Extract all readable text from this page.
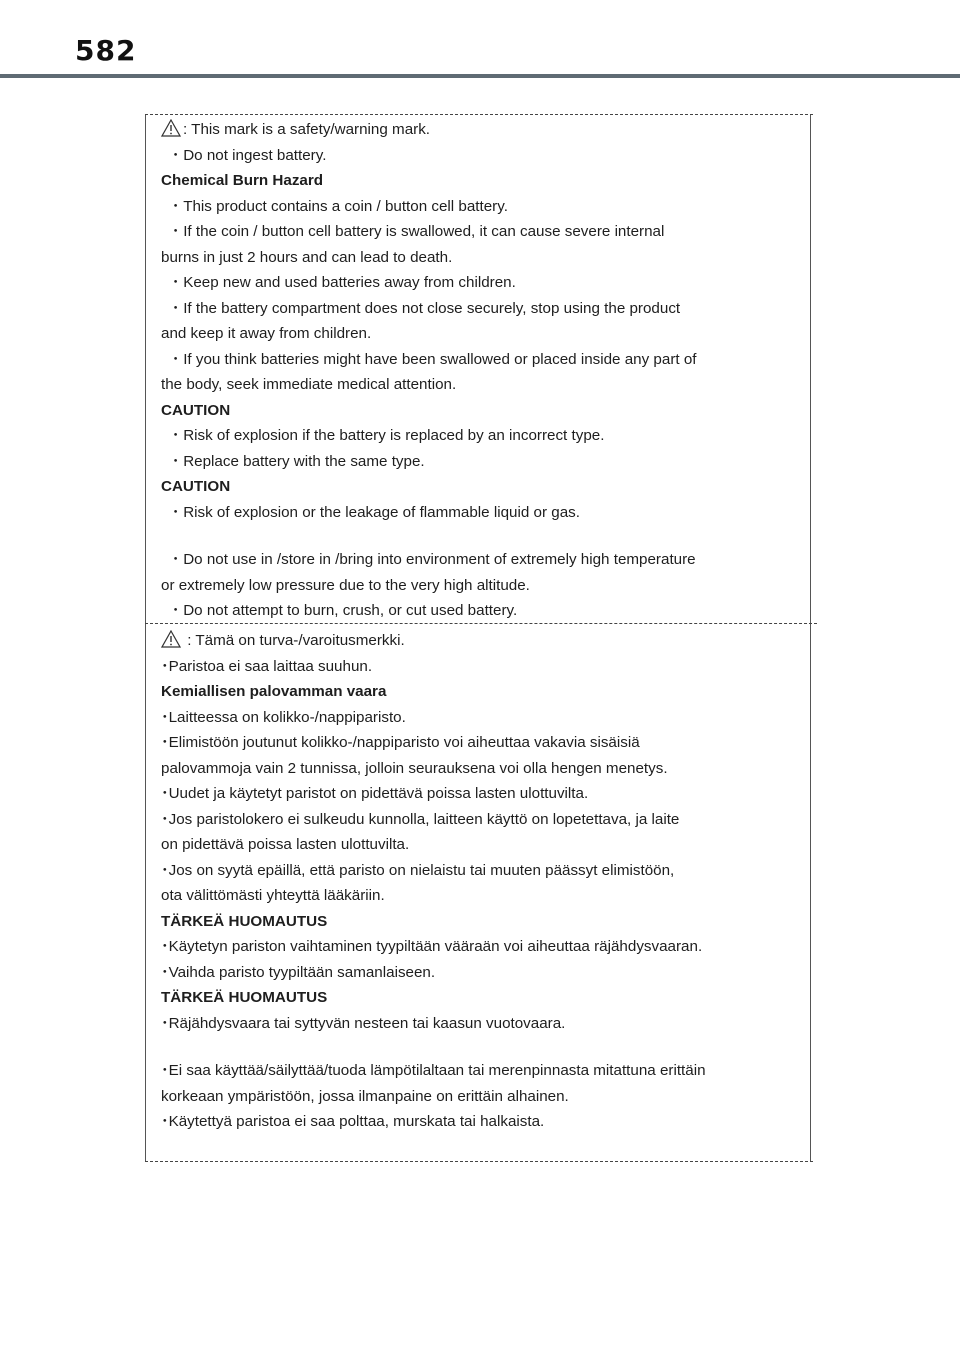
582
: This mark is a safety/warning mark.
・Do not ingest battery.
Chemical Burn Hazard
・This product contains a coin / button cell battery.
・If the coin / button cell battery is swallowed, it can cause severe internal
burns in just 2 hours and can lead to death.
・Keep new and used batteries away from children.
・If the battery compartment does not close securely, stop using the product
and keep it away from children.
・If you think batteries might have been swallowed or placed inside any part of
the body, seek immediate medical attention.
CAUTION
・Risk of explosion if the battery is replaced by an incorrect type.
・Replace battery with the same type.
CAUTION
・Risk of explosion or the leakage of flammable liquid or gas.
・Do not use in /store in /bring into environment of extremely high temperature
or extremely low pressure due to the very high altitude.
・Do not attempt to burn, crush, or cut used battery.
: Tämä on turva-/varoitusmerkki.
･Paristoa ei saa laittaa suuhun.
Kemiallisen palovamman vaara
･Laitteessa on kolikko-/nappiparisto.
･Elimistöön joutunut kolikko-/nappiparisto voi aiheuttaa vakavia sisäisiä
palovammoja vain 2 tunnissa, jolloin seurauksena voi olla hengen menetys.
･Uudet ja käytetyt paristot on pidettävä poissa lasten ulottuvilta.
･Jos paristolokero ei sulkeudu kunnolla, laitteen käyttö on lopetettava, ja laite
on pidettävä poissa lasten ulottuvilta.
･Jos on syytä epäillä, että paristo on nielaistu tai muuten päässyt elimistöön,
ota välittömästi yhteyttä lääkäriin.
TÄRKEÄ HUOMAUTUS
･Käytetyn pariston vaihtaminen tyypiltään vääraän voi aiheuttaa räjähdysvaaran.
･Vaihda paristo tyypiltään samanlaiseen.
TÄRKEÄ HUOMAUTUS
･Räjähdysvaara tai syttyvän nesteen tai kaasun vuotovaara.
･Ei saa käyttää/säilyttää/tuoda lämpötilaltaan tai merenpinnasta mitattuna erittäin
korkeaan ympäristöön, jossa ilmanpaine on erittäin alhainen.
･Käytettyä paristoa ei saa polttaa, murskata tai halkaista.
